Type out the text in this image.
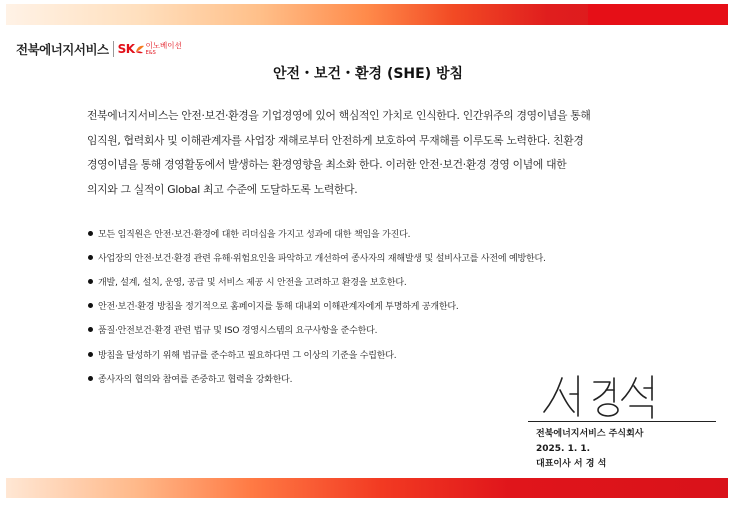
전북에너지서비스 SK 이노베이션
E&S
안전・보건・환경 (SHE) 방침
전북에너지서비스는 안전·보건·환경을 기업경영에 있어 핵심적인 가치로 인식한다. 인간위주의 경영이념을 통해
임직원, 협력회사 및 이해관계자를 사업장 재해로부터 안전하게 보호하여 무재해를 이루도록 노력한다. 친환경
경영이념을 통해 경영활동에서 발생하는 환경영향을 최소화 한다. 이러한 안전·보건·환경 경영 이념에 대한
의지와 그 실적이 Global 최고 수준에 도달하도록 노력한다.
모든 임직원은 안전·보건·환경에 대한 리더십을 가지고 성과에 대한 책임을 가진다.
사업장의 안전·보건·환경 관련 유해·위험요인을 파악하고 개선하여 종사자의 재해발생 및 설비사고를 사전에 예방한다.
개발, 설계, 설치, 운영, 공급 및 서비스 제공 시 안전을 고려하고 환경을 보호한다.
안전·보건·환경 방침을 정기적으로 홈페이지를 통해 대내외 이해관계자에게 투명하게 공개한다.
품질·안전보건·환경 관련 법규 및 ISO 경영시스템의 요구사항을 준수한다.
방침을 달성하기 위해 법규를 준수하고 필요하다면 그 이상의 기준을 수립한다.
종사자의 협의와 참여를 존중하고 협력을 강화한다.
전북에너지서비스 주식회사
2025. 1. 1.
대표이사 서 경 석
